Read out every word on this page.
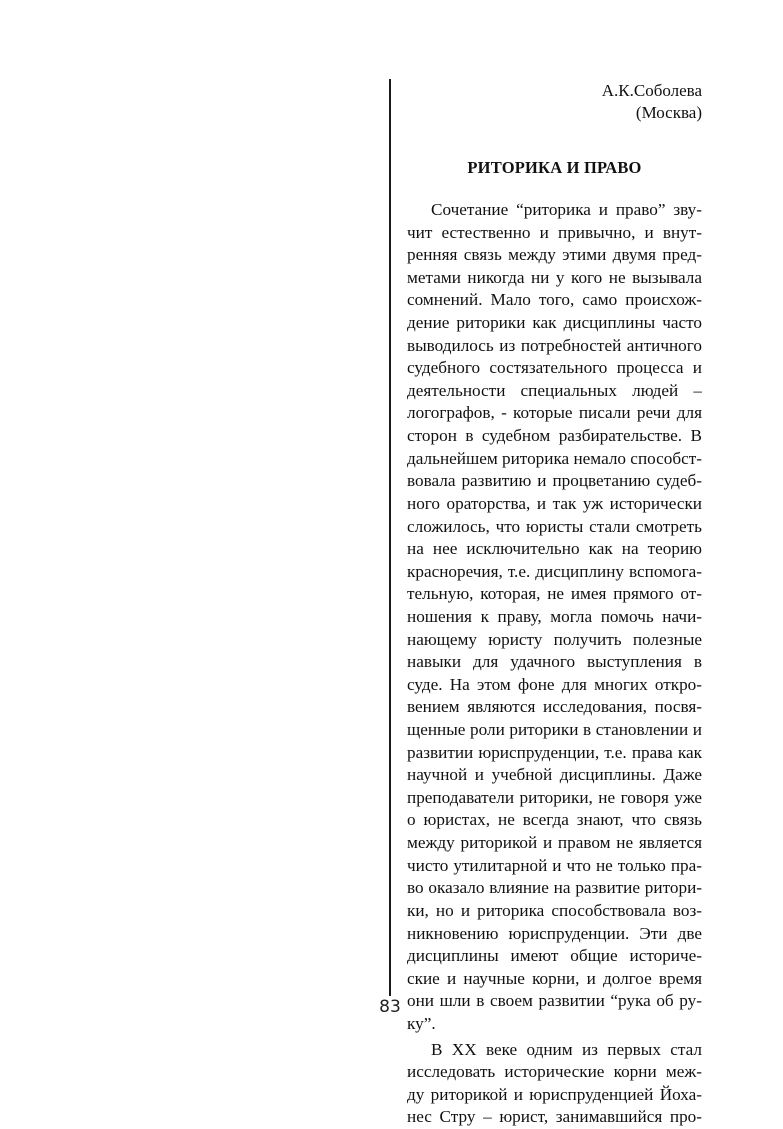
А.К.Соболева
(Москва)
РИТОРИКА И ПРАВО
Сочетание “риторика и право” зву-
чит естественно и привычно, и внут-
ренняя связь между этими двумя пред-
метами никогда ни у кого не вызывала
сомнений. Мало того, само происхож-
дение риторики как дисциплины часто
выводилось из потребностей античного
судебного состязательного процесса и
деятельности специальных людей –
логографов, - которые писали речи для
сторон в судебном разбирательстве. В
дальнейшем риторика немало способст-
вовала развитию и процветанию судеб-
ного ораторства, и так уж исторически
сложилось, что юристы стали смотреть
на нее исключительно как на теорию
красноречия, т.е. дисциплину вспомога-
тельную, которая, не имея прямого от-
ношения к праву, могла помочь начи-
нающему юристу получить полезные
навыки для удачного выступления в
суде. На этом фоне для многих откро-
вением являются исследования, посвя-
щенные роли риторики в становлении и
развитии юриспруденции, т.е. права как
научной и учебной дисциплины. Даже
преподаватели риторики, не говоря уже
о юристах, не всегда знают, что связь
между риторикой и правом не является
чисто утилитарной и что не только пра-
во оказало влияние на развитие ритори-
ки, но и риторика способствовала воз-
никновению юриспруденции. Эти две
дисциплины имеют общие историче-
ские и научные корни, и долгое время
они шли в своем развитии “рука об ру-
ку”.
В XX веке одним из первых стал
исследовать исторические корни меж-
ду риторикой и юриспруденцией Йоха-
нес Стру – юрист, занимавшийся про-
83
